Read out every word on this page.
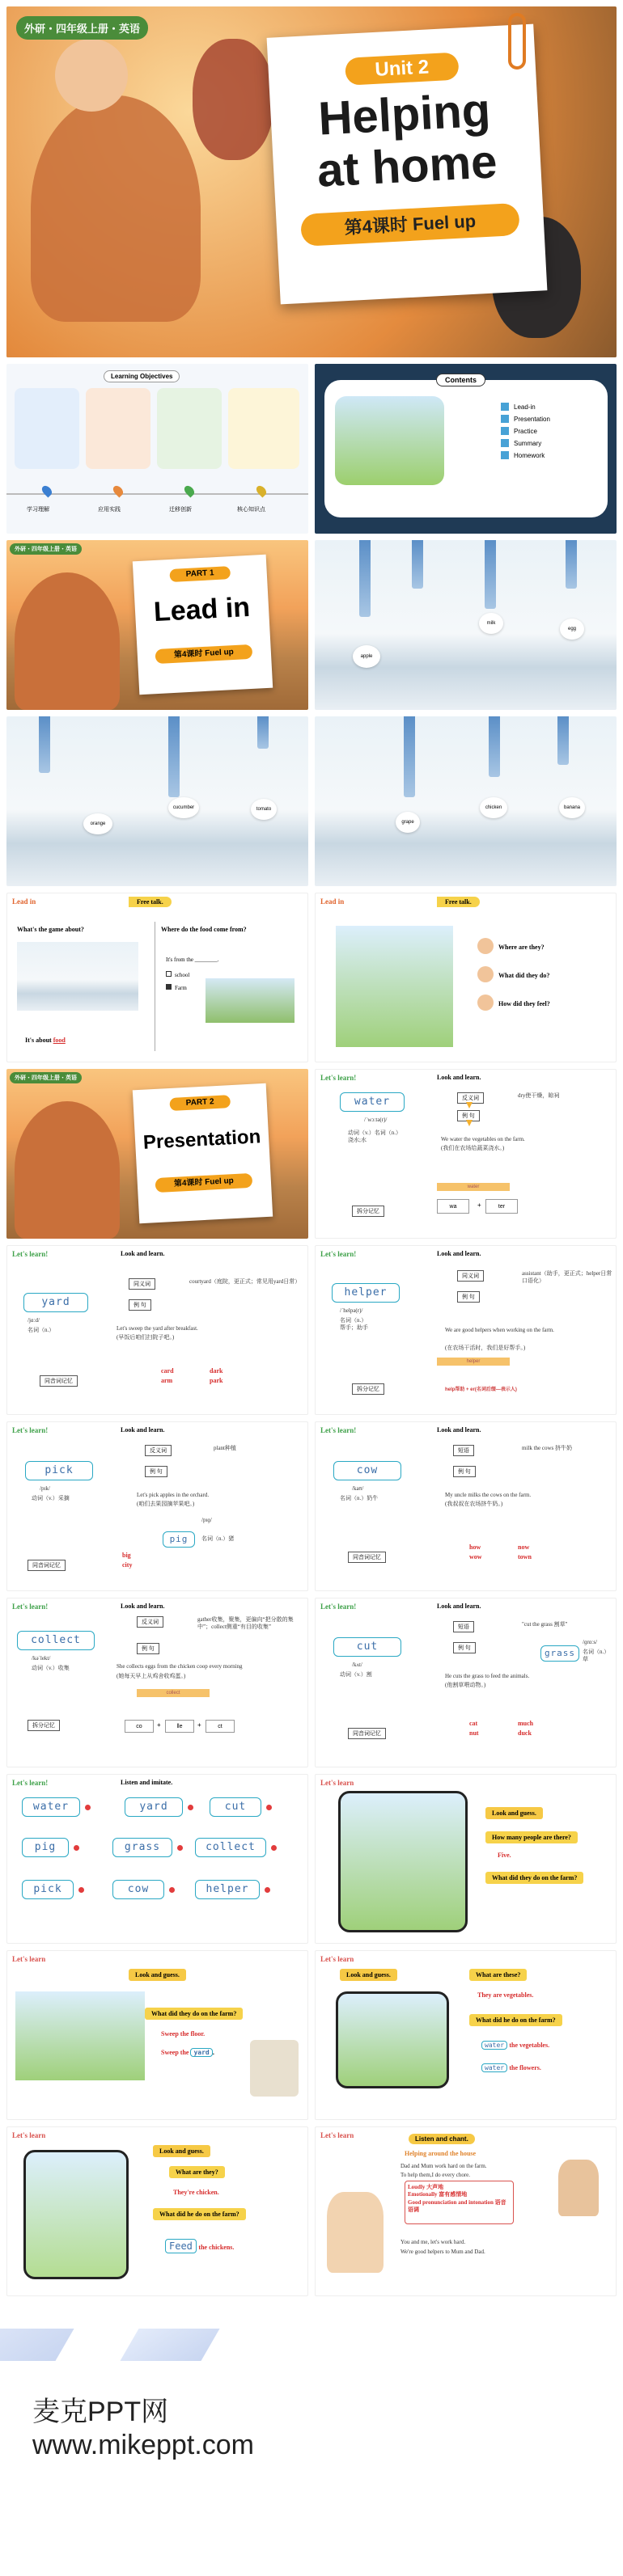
外研・四年级上册・英语
Unit 2
Helping
at home
第4课时 Fuel up
Learning Objectives
学习理解	应用实践	迁移创新	核心知识点
Contents
Lead-in
Presentation
Practice
Summary
Homework
外研・四年级上册・英语
PART 1
Lead in
第4课时 Fuel up	apple
milk
egg
orange
cucumber	tomato
grape
chicken	banana
Lead in	Free talk.
What's the game about?	Where do the food come from?
It's from the ________.
school
Farm
It's about food
Lead in	Free talk.
Where are they?
What did they do?
How did they feel?
外研・四年级上册・英语
PART 2
Presentation
第4课时 Fuel up
Let's learn!	Look and learn.
water
/ˈwɔːtə(r)/
动词（v.）名词（n.）
浇水;水
反义词	dry使干燥，晾祠
例 句
We water the vegetables on the farm.
(我们在农场给蔬菜浇水。)
water
拆分记忆
wa	+	ter
Let's learn!	Look and learn.
yard
/jɑːd/
名词（n.）
同义词	courtyard（庭院，更正式；常见用yard日常）
例 句
Let's sweep the yard after breakfast.
(早饭后咱们扫院子吧。)
同音词记忆
card
arm
dark
park
Let's learn!	Look and learn.
helper
/ˈhelpə(r)/
名词（n.）
帮手；助手
同义词	assistant（助手，更正式；helper日常口语化）
例 句
We are good helpers when working on the farm.
(在农场干活时，我们是好帮手。)
helper
拆分记忆	help帮助 + er(名词后缀—表示人)
Let's learn!	Look and learn.
pick
/pɪk/
动词（v.）采摘
反义词	plant种植
例 句
Let's pick apples in the orchard.
(咱们去果园摘苹果吧。)
/pɪɡ/
pig	名词（n.）猪
同音词记忆
big
city
Let's learn!	Look and learn.
cow
/kaʊ/
名词（n.）奶牛
短语	milk the cows 挤牛奶
例 句
My uncle milks the cows on the farm.
(我叔叔在农场挤牛奶。)
同音词记忆
how
wow
now
town
Let's learn!	Look and learn.
collect
/kəˈlekt/
动词（v.）收集
反义词	gather收集，聚集，更偏向“把分散的集中”；collect侧重“有目的收集”
例 句
She collects eggs from the chicken coop every morning
(她每天早上从鸡舍收鸡蛋。)
collect
拆分记忆	co	+	lle	+	ct
Let's learn!	Look and learn.
cut
/kʌt/
动词（v.）割
短语	"cut the grass 割草"
例 句	grass
/ɡrɑːs/
名词（n.）
草
He cuts the grass to feed the animals.
(他割草喂动物。)
同音词记忆
cat
nut
much
duck
Let's learn!	Listen and imitate.
water	yard	cut
pig	grass	collect
pick	cow	helper
Let's learn
Look and guess.
How many people are there?
Five.
What did they do on the farm?
Let's learn
Look and guess.
What did they do on the farm?
Sweep the floor.
Sweep the yard .
Let's learn
Look and guess.	What are these?
They are vegetables.
What did he do on the farm?
water the vegetables.
water the flowers.
Let's learn
Look and guess.
What are they?
They're chicken.
What did he do on the farm?
Feed the chickens.
Let's learn	Listen and chant.
Helping around the house
Dad and Mum work hard on the farm.
To help them,I do every chore.
Loudly 大声地
Emotionally 富有感情地
Good pronunciation and intonation 语音语调
You and me, let's work hard.
We're good helpers to Mum and Dad.
麦克PPT网
www.mikeppt.com
